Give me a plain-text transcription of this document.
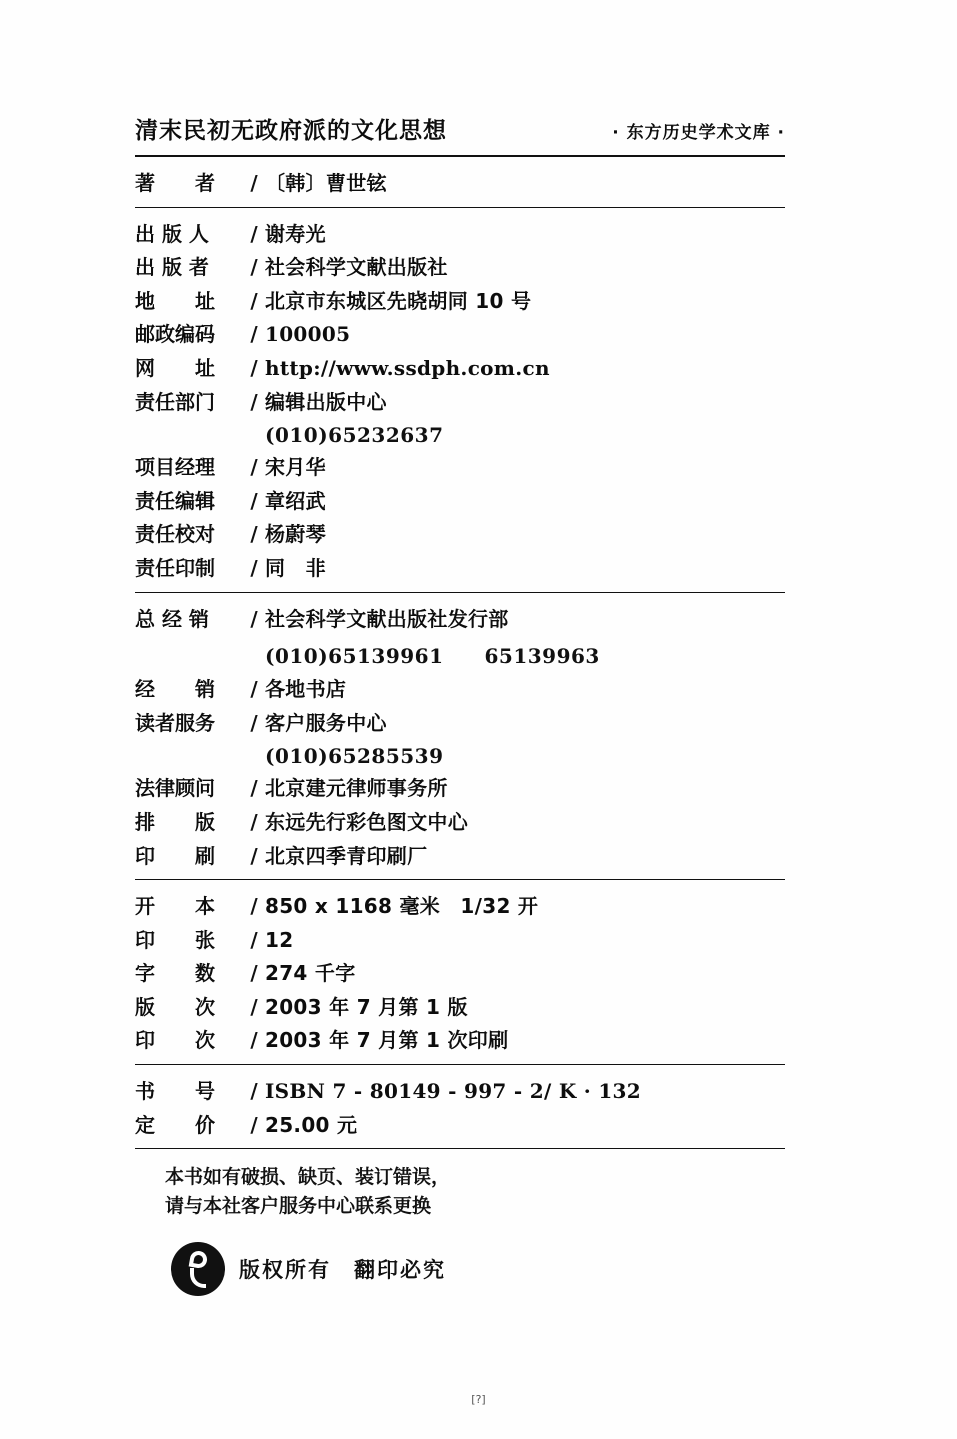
清末民初无政府派的文化思想	· 东方历史学术文库 ·
著　　者	/ 〔韩〕曹世铉
出 版 人	/ 谢寿光
出 版 者	/ 社会科学文献出版社
地　　址	/ 北京市东城区先晓胡同 10 号
邮政编码	/ 100005
网　　址	/ http://www.ssdph.com.cn
责任部门	/ 编辑出版中心
(010)65232637
项目经理	/ 宋月华
责任编辑	/ 章绍武
责任校对	/ 杨蔚琴
责任印制	/ 同　非
总 经 销	/ 社会科学文献出版社发行部
(010)65139961　　65139963
经　　销	/ 各地书店
读者服务	/ 客户服务中心
(010)65285539
法律顾问	/ 北京建元律师事务所
排　　版	/ 东远先行彩色图文中心
印　　刷	/ 北京四季青印刷厂
开　　本	/ 850 x 1168 毫米　1/32 开
印　　张	/ 12
字　　数	/ 274 千字
版　　次	/ 2003 年 7 月第 1 版
印　　次	/ 2003 年 7 月第 1 次印刷
书　　号	/ ISBN 7 - 80149 - 997 - 2/ K · 132
定　　价	/ 25.00 元
本书如有破损、缺页、装订错误，
请与本社客户服务中心联系更换
版权所有　翻印必究
[?]
